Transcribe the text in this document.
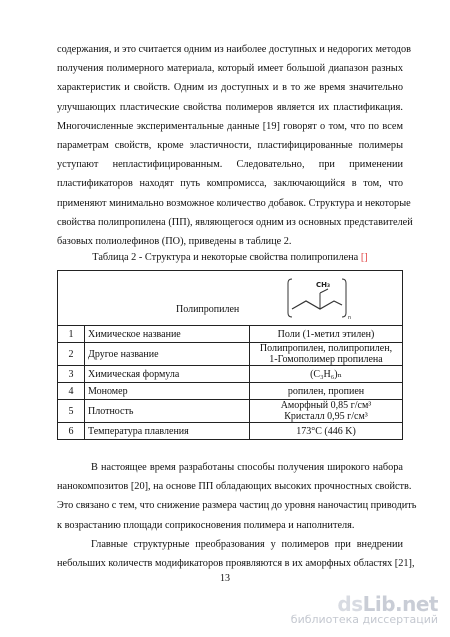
содержания, и это считается одним из наиболее доступных и недорогих методов
получения полимерного материала, который имеет большой диапазон разных
характеристик и свойств. Одним из доступных и в то же время значительно
улучшающих пластические свойства полимеров является их пластификация.
Многочисленные экспериментальные данные [19] говорят о том, что по всем
параметрам свойств, кроме эластичности, пластифицированные полимеры
уступают непластифицированным. Следовательно, при применении
пластификаторов находят путь компромисса, заключающийся в том, что
применяют минимально возможное количество добавок. Структура и некоторые
свойства полипропилена (ПП), являющегося одним из основных представителей
базовых полиолефинов (ПО), приведены в таблице 2.
Таблица 2 - Структура и некоторые свойства полипропилена []
Полипропилен
CH₃
n		

1	Химическое название	Поли (1-метил этилен)
2	Другое название	Полипропилен, полипропилен,
1-Гомополимер пропилена

3	Химическая формула	(C₃H₆)ₙ
4	Мономер	ропилен, пропиен
5	Плотность	Аморфный 0,85 г/см³
Кристалл 0,95 г/см³

6	Температура плавления	173°C (446 K)
В настоящее время разработаны способы получения широкого набора
нанокомпозитов [20], на основе ПП обладающих высоких прочностных свойств.
Это связано с тем, что снижение размера частиц до уровня наночастиц приводить
к возрастанию площади соприкосновения полимера и наполнителя.
Главные структурные преобразования у полимеров при внедрении
небольших количеств модификаторов проявляются в их аморфных областях [21],
13
dsLib.net
библиотека диссертаций
